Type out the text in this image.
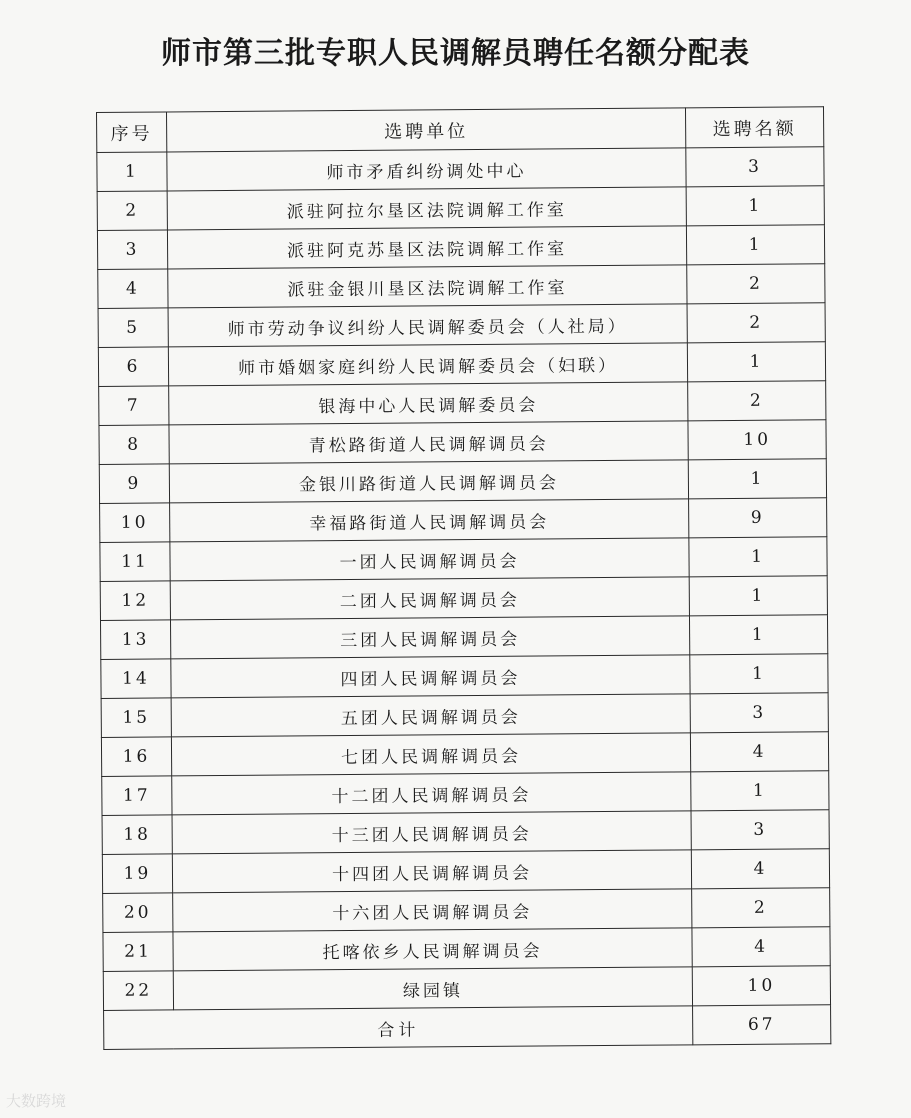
师市第三批专职人民调解员聘任名额分配表
序号	选聘单位	选聘名额
1	师市矛盾纠纷调处中心	3
2	派驻阿拉尔垦区法院调解工作室	1
3	派驻阿克苏垦区法院调解工作室	1
4	派驻金银川垦区法院调解工作室	2
5	师市劳动争议纠纷人民调解委员会（人社局）	2
6	师市婚姻家庭纠纷人民调解委员会（妇联）	1
7	银海中心人民调解委员会	2
8	青松路街道人民调解调员会	10
9	金银川路街道人民调解调员会	1
10	幸福路街道人民调解调员会	9
11	一团人民调解调员会	1
12	二团人民调解调员会	1
13	三团人民调解调员会	1
14	四团人民调解调员会	1
15	五团人民调解调员会	3
16	七团人民调解调员会	4
17	十二团人民调解调员会	1
18	十三团人民调解调员会	3
19	十四团人民调解调员会	4
20	十六团人民调解调员会	2
21	托喀依乡人民调解调员会	4
22	绿园镇	10
合计		67
大数跨境
